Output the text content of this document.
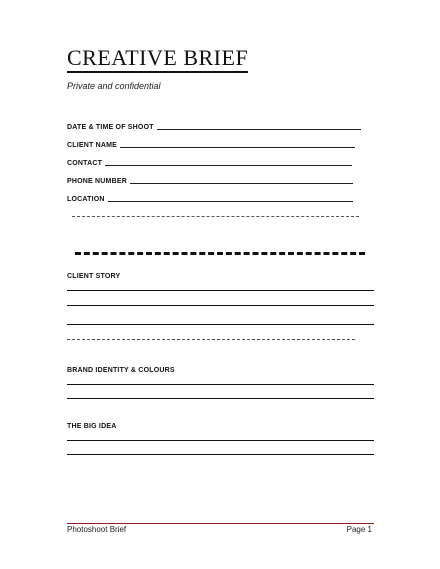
CREATIVE BRIEF

Private and confidential

DATE & TIME OF SHOOT
CLIENT NAME
CONTACT
PHONE NUMBER
LOCATION

CLIENT STORY

BRAND IDENTITY & COLOURS

THE BIG IDEA

Photoshoot Brief	Page 1
